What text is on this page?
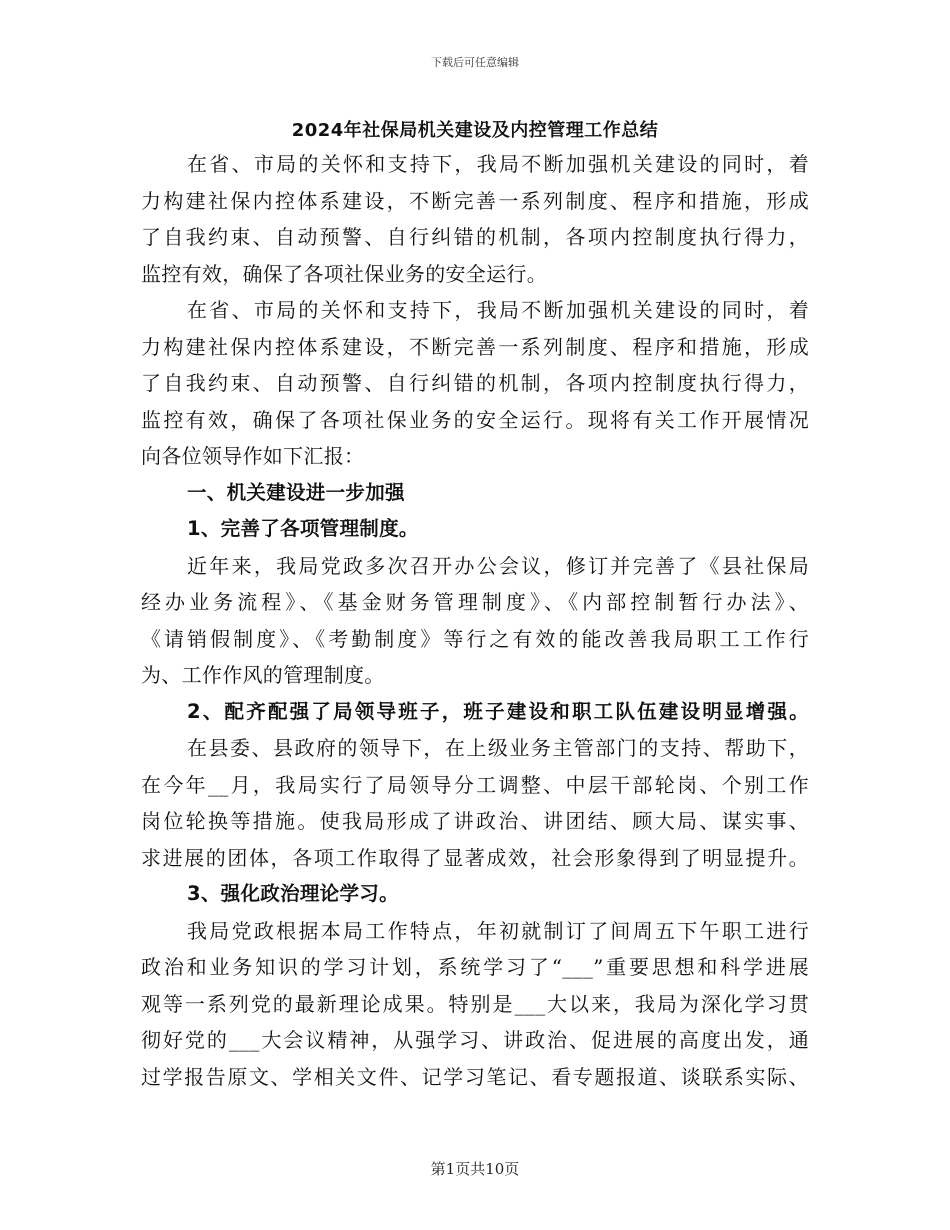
下载后可任意编辑
2024年社保局机关建设及内控管理工作总结
在省、市局的关怀和支持下，我局不断加强机关建设的同时，着
力构建社保内控体系建设，不断完善一系列制度、程序和措施，形成
了自我约束、自动预警、自行纠错的机制，各项内控制度执行得力，
监控有效，确保了各项社保业务的安全运行。
在省、市局的关怀和支持下，我局不断加强机关建设的同时，着
力构建社保内控体系建设，不断完善一系列制度、程序和措施，形成
了自我约束、自动预警、自行纠错的机制，各项内控制度执行得力，
监控有效，确保了各项社保业务的安全运行。现将有关工作开展情况
向各位领导作如下汇报：
一、机关建设进一步加强
1、完善了各项管理制度。
近年来，我局党政多次召开办公会议，修订并完善了《县社保局
经办业务流程》、《基金财务管理制度》、《内部控制暂行办法》、
《请销假制度》、《考勤制度》等行之有效的能改善我局职工工作行
为、工作作风的管理制度。
2、配齐配强了局领导班子，班子建设和职工队伍建设明显增强。
在县委、县政府的领导下，在上级业务主管部门的支持、帮助下，
在今年__月，我局实行了局领导分工调整、中层干部轮岗、个别工作
岗位轮换等措施。使我局形成了讲政治、讲团结、顾大局、谋实事、
求进展的团体，各项工作取得了显著成效，社会形象得到了明显提升。
3、强化政治理论学习。
我局党政根据本局工作特点，年初就制订了间周五下午职工进行
政治和业务知识的学习计划，系统学习了“___”重要思想和科学进展
观等一系列党的最新理论成果。特别是___大以来，我局为深化学习贯
彻好党的___大会议精神，从强学习、讲政治、促进展的高度出发，通
过学报告原文、学相关文件、记学习笔记、看专题报道、谈联系实际、
第1页共10页
